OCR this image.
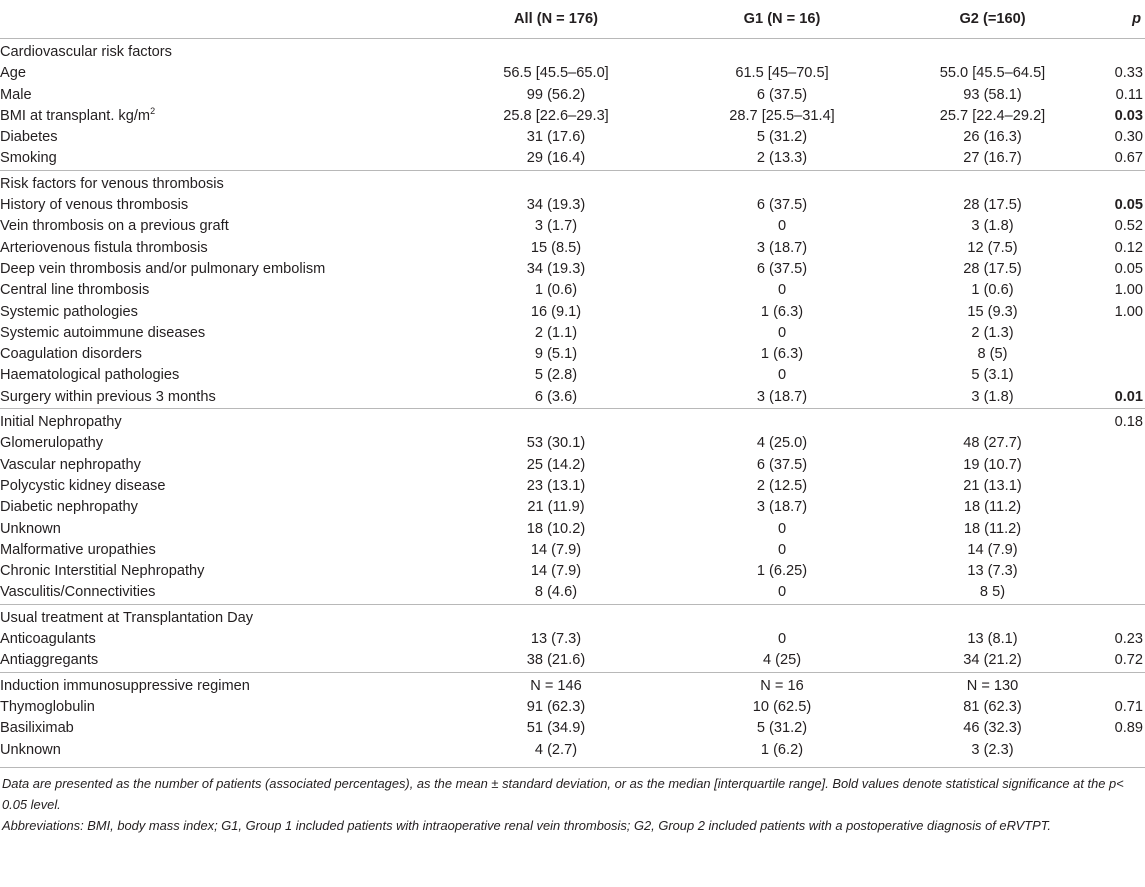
	All (N = 176)	G1 (N = 16)	G2 (=160)	p
Cardiovascular risk factors				
Age	56.5 [45.5–65.0]	61.5 [45–70.5]	55.0 [45.5–64.5]	0.33
Male	99 (56.2)	6 (37.5)	93 (58.1)	0.11
BMI at transplant. $kg/m^2$	25.8 [22.6–29.3]	28.7 [25.5–31.4]	25.7 [22.4–29.2]	0.03
Diabetes	31 (17.6)	5 (31.2)	26 (16.3)	0.30
Smoking	29 (16.4)	2 (13.3)	27 (16.7)	0.67

Risk factors for venous thrombosis				
History of venous thrombosis	34 (19.3)	6 (37.5)	28 (17.5)	0.05
Vein thrombosis on a previous graft	3 (1.7)	0	3 (1.8)	0.52
Arteriovenous fistula thrombosis	15 (8.5)	3 (18.7)	12 (7.5)	0.12
Deep vein thrombosis and/or pulmonary embolism	34 (19.3)	6 (37.5)	28 (17.5)	0.05
Central line thrombosis	1 (0.6)	0	1 (0.6)	1.00
Systemic pathologies	16 (9.1)	1 (6.3)	15 (9.3)	1.00
Systemic autoimmune diseases	2 (1.1)	0	2 (1.3)	
Coagulation disorders	9 (5.1)	1 (6.3)	8 (5)	
Haematological pathologies	5 (2.8)	0	5 (3.1)	
Surgery within previous 3 months	6 (3.6)	3 (18.7)	3 (1.8)	0.01

Initial Nephropathy				0.18
Glomerulopathy	53 (30.1)	4 (25.0)	48 (27.7)	
Vascular nephropathy	25 (14.2)	6 (37.5)	19 (10.7)	
Polycystic kidney disease	23 (13.1)	2 (12.5)	21 (13.1)	
Diabetic nephropathy	21 (11.9)	3 (18.7)	18 (11.2)	
Unknown	18 (10.2)	0	18 (11.2)	
Malformative uropathies	14 (7.9)	0	14 (7.9)	
Chronic Interstitial Nephropathy	14 (7.9)	1 (6.25)	13 (7.3)	
Vasculitis/Connectivities	8 (4.6)	0	8 5)	

Usual treatment at Transplantation Day				
Anticoagulants	13 (7.3)	0	13 (8.1)	0.23
Antiaggregants	38 (21.6)	4 (25)	34 (21.2)	0.72

Induction immunosuppressive regimen	N = 146	N = 16	N = 130	
Thymoglobulin	91 (62.3)	10 (62.5)	81 (62.3)	0.71
Basiliximab	51 (34.9)	5 (31.2)	46 (32.3)	0.89
Unknown	4 (2.7)	1 (6.2)	3 (2.3)	

Data are presented as the number of patients (associated percentages), as the mean ± standard deviation, or as the median [interquartile range]. Bold values denote statistical significance at the p< 0.05 level.

Abbreviations: BMI, body mass index; G1, Group 1 included patients with intraoperative renal vein thrombosis; G2, Group 2 included patients with a postoperative diagnosis of eRVTPT.
